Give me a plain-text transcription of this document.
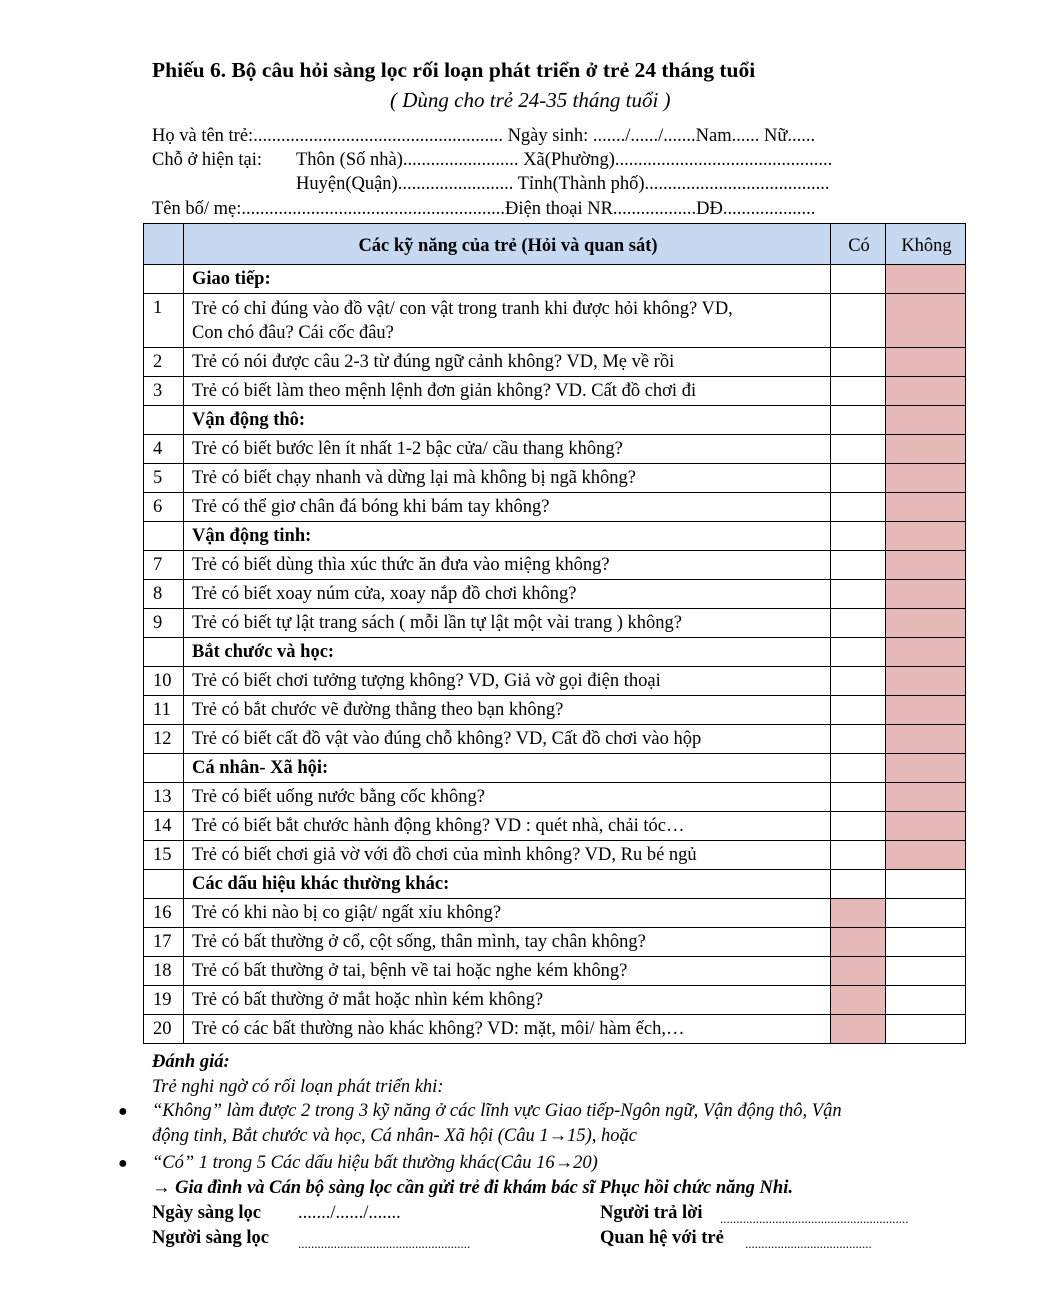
Phiếu 6. Bộ câu hỏi sàng lọc rối loạn phát triển ở trẻ 24 tháng tuổi
( Dùng cho trẻ 24-35 tháng tuổi )
Họ và tên trẻ:...................................................... Ngày sinh: ......./....../.......Nam...... Nữ......
Chỗ ở hiện tại: Thôn (Số nhà)......................... Xã(Phường)...............................................
Huyện(Quận)......................... Tỉnh(Thành phố)........................................
Tên bố/ mẹ:.........................................................Điện thoại NR..................DĐ....................
	Các kỹ năng của trẻ (Hỏi và quan sát)	Có	Không
	Giao tiếp:		
1	Trẻ có chỉ đúng vào đồ vật/ con vật trong tranh khi được hỏi không? VD,
Con chó đâu? Cái cốc đâu?		
2	Trẻ có nói được câu 2-3 từ đúng ngữ cảnh không? VD, Mẹ về rồi		
3	Trẻ có biết làm theo mệnh lệnh đơn giản không? VD. Cất đồ chơi đi		
	Vận động thô:		
4	Trẻ có biết bước lên ít nhất 1-2 bậc cửa/ cầu thang không?		
5	Trẻ có biết chạy nhanh và dừng lại mà không bị ngã không?		
6	Trẻ có thể giơ chân đá bóng khi bám tay không?		
	Vận động tinh:		
7	Trẻ có biết dùng thìa xúc thức ăn đưa vào miệng không?		
8	Trẻ có biết xoay núm cửa, xoay nắp đồ chơi không?		
9	Trẻ có biết tự lật trang sách ( mỗi lần tự lật một vài trang ) không?		
	Bắt chước và học:		
10	Trẻ có biết chơi tưởng tượng không? VD, Giả vờ gọi điện thoại		
11	Trẻ có bắt chước vẽ đường thẳng theo bạn không?		
12	Trẻ có biết cất đồ vật vào đúng chỗ không? VD, Cất đồ chơi vào hộp		
	Cá nhân- Xã hội:		
13	Trẻ có biết uống nước bằng cốc không?		
14	Trẻ có biết bắt chước hành động không? VD : quét nhà, chải tóc…		
15	Trẻ có biết chơi giả vờ với đồ chơi của mình không? VD, Ru bé ngủ		
	Các dấu hiệu khác thường khác:		
16	Trẻ có khi nào bị co giật/ ngất xỉu không?		
17	Trẻ có bất thường ở cổ, cột sống, thân mình, tay chân không?		
18	Trẻ có bất thường ở tai, bệnh về tai hoặc nghe kém không?		
19	Trẻ có bất thường ở mắt hoặc nhìn kém không?		
20	Trẻ có các bất thường nào khác không? VD: mặt, môi/ hàm ếch,…		
Đánh giá:
Trẻ nghi ngờ có rối loạn phát triển khi:
● “Không” làm được 2 trong 3 kỹ năng ở các lĩnh vực Giao tiếp-Ngôn ngữ, Vận động thô, Vận
động tinh, Bắt chước và học, Cá nhân- Xã hội (Câu 1→15), hoặc
● “Có” 1 trong 5 Các dấu hiệu bất thường khác(Câu 16→20)
→ Gia đình và Cán bộ sàng lọc cần gửi trẻ đi khám bác sĩ Phục hồi chức năng Nhi.
Ngày sàng lọc ......./....../.......	Người trả lời ..........................................................
Người sàng lọc .....................................................	Quan hệ với trẻ .......................................
